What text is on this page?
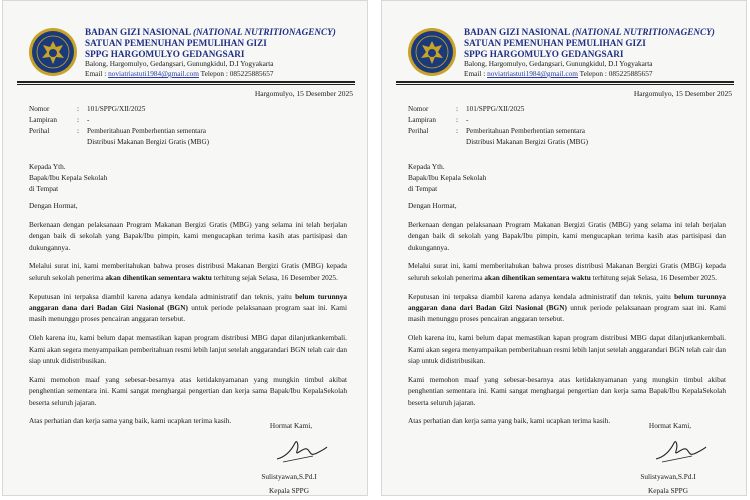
BADAN GIZI NASIONAL (NATIONAL NUTRITIONAGENCY)
SATUAN PEMENUHAN PEMULIHAN GIZI
SPPG HARGOMULYO GEDANGSARI
Balong, Hargomulyo, Gedangsari, Gunungkidul, D.I Yogyakarta
Email : noviatriastuti1984@gmail.com Telepon : 085225885657
Hargomulyo, 15 Desember 2025
Nomor	:	101/SPPG/XII/2025
Lampiran	:	-
Perihal	:	Pemberitahuan Pemberhentian sementara
Distribusi Makanan Bergizi Gratis (MBG)
Kepada Yth.
Bapak/Ibu Kepala Sekolah
di Tempat

Dengan Hormat,

Berkenaan dengan pelaksanaan Program Makanan Bergizi Gratis (MBG) yang selama ini telah berjalan dengan baik di sekolah yang Bapak/Ibu pimpin, kami mengucapkan terima kasih atas partisipasi dan dukungannya.

Melalui surat ini, kami memberitahukan bahwa proses distribusi Makanan Bergizi Gratis (MBG) kepada seluruh sekolah penerima akan dihentikan sementara waktu terhitung sejak Selasa, 16 Desember 2025.

Keputusan ini terpaksa diambil karena adanya kendala administratif dan teknis, yaitu belum turunnya anggaran dana dari Badan Gizi Nasional (BGN) untuk periode pelaksanaan program saat ini. Kami masih menunggu proses pencairan anggaran tersebut.

Oleh karena itu, kami belum dapat memastikan kapan program distribusi MBG dapat dilanjutkankembali. Kami akan segera menyampaikan pemberitahuan resmi lebih lanjut setelah anggarandari BGN telah cair dan siap untuk didistribusikan.

Kami memohon maaf yang sebesar-besarnya atas ketidaknyamanan yang mungkin timbul akibat penghentian sementara ini. Kami sangat menghargai pengertian dan kerja sama Bapak/Ibu KepalaSekolah beserta seluruh jajaran.

Atas perhatian dan kerja sama yang baik, kami ucapkan terima kasih.

Hormat Kami,
Sulistyawan,S.Pd.I
Kepala SPPG
BADAN GIZI NASIONAL (NATIONAL NUTRITIONAGENCY)
SATUAN PEMENUHAN PEMULIHAN GIZI
SPPG HARGOMULYO GEDANGSARI
Balong, Hargomulyo, Gedangsari, Gunungkidul, D.I Yogyakarta
Email : noviatriastuti1984@gmail.com Telepon : 085225885657
Hargomulyo, 15 Desember 2025
Nomor	:	101/SPPG/XII/2025
Lampiran	:	-
Perihal	:	Pemberitahuan Pemberhentian sementara
Distribusi Makanan Bergizi Gratis (MBG)
Kepada Yth.
Bapak/Ibu Kepala Sekolah
di Tempat

Dengan Hormat,

Berkenaan dengan pelaksanaan Program Makanan Bergizi Gratis (MBG) yang selama ini telah berjalan dengan baik di sekolah yang Bapak/Ibu pimpin, kami mengucapkan terima kasih atas partisipasi dan dukungannya.

Melalui surat ini, kami memberitahukan bahwa proses distribusi Makanan Bergizi Gratis (MBG) kepada seluruh sekolah penerima akan dihentikan sementara waktu terhitung sejak Selasa, 16 Desember 2025.

Keputusan ini terpaksa diambil karena adanya kendala administratif dan teknis, yaitu belum turunnya anggaran dana dari Badan Gizi Nasional (BGN) untuk periode pelaksanaan program saat ini. Kami masih menunggu proses pencairan anggaran tersebut.

Oleh karena itu, kami belum dapat memastikan kapan program distribusi MBG dapat dilanjutkankembali. Kami akan segera menyampaikan pemberitahuan resmi lebih lanjut setelah anggarandari BGN telah cair dan siap untuk didistribusikan.

Kami memohon maaf yang sebesar-besarnya atas ketidaknyamanan yang mungkin timbul akibat penghentian sementara ini. Kami sangat menghargai pengertian dan kerja sama Bapak/Ibu KepalaSekolah beserta seluruh jajaran.

Atas perhatian dan kerja sama yang baik, kami ucapkan terima kasih.

Hormat Kami,
Sulistyawan,S.Pd.I
Kepala SPPG
